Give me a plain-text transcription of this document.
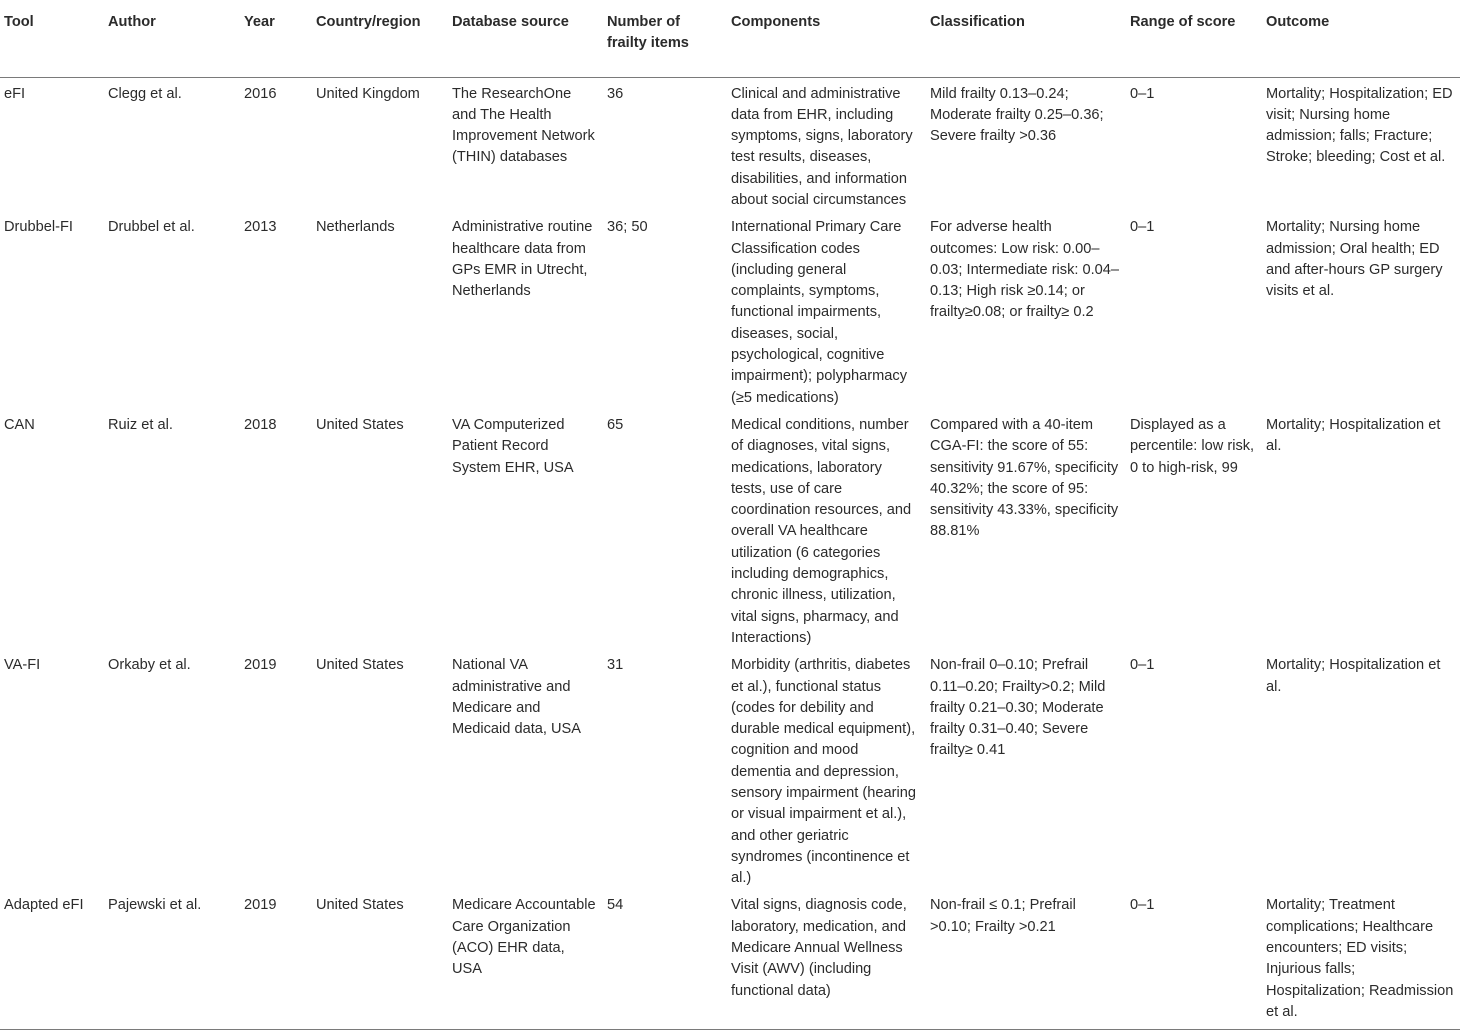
Tool	Author	Year	Country/region	Database source	Number of frailty items	Components	Classification	Range of score	Outcome
eFI	Clegg et al.	2016	United Kingdom	The ResearchOne and The Health Improvement Network (THIN) databases	36	Clinical and administrative data from EHR, including symptoms, signs, laboratory test results, diseases, disabilities, and information about social circumstances	Mild frailty 0.13–0.24; Moderate frailty 0.25–0.36; Severe frailty >0.36	0–1	Mortality; Hospitalization; ED visit; Nursing home admission; falls; Fracture; Stroke; bleeding; Cost et al.
Drubbel-FI	Drubbel et al.	2013	Netherlands	Administrative routine healthcare data from GPs EMR in Utrecht, Netherlands	36; 50	International Primary Care Classification codes (including general complaints, symptoms, functional impairments, diseases, social, psychological, cognitive impairment); polypharmacy (≥5 medications)	For adverse health outcomes: Low risk: 0.00–0.03; Intermediate risk: 0.04–0.13; High risk ≥0.14; or frailty≥0.08; or frailty≥ 0.2	0–1	Mortality; Nursing home admission; Oral health; ED and after-hours GP surgery visits et al.
CAN	Ruiz et al.	2018	United States	VA Computerized Patient Record System EHR, USA	65	Medical conditions, number of diagnoses, vital signs, medications, laboratory tests, use of care coordination resources, and overall VA healthcare utilization (6 categories including demographics, chronic illness, utilization, vital signs, pharmacy, and Interactions)	Compared with a 40-item CGA-FI: the score of 55: sensitivity 91.67%, specificity 40.32%; the score of 95: sensitivity 43.33%, specificity 88.81%	Displayed as a percentile: low risk, 0 to high-risk, 99	Mortality; Hospitalization et al.
VA-FI	Orkaby et al.	2019	United States	National VA administrative and Medicare and Medicaid data, USA	31	Morbidity (arthritis, diabetes et al.), functional status (codes for debility and durable medical equipment), cognition and mood dementia and depression, sensory impairment (hearing or visual impairment et al.), and other geriatric syndromes (incontinence et al.)	Non-frail 0–0.10; Prefrail 0.11–0.20; Frailty>0.2; Mild frailty 0.21–0.30; Moderate frailty 0.31–0.40; Severe frailty≥ 0.41	0–1	Mortality; Hospitalization et al.
Adapted eFI	Pajewski et al.	2019	United States	Medicare Accountable Care Organization (ACO) EHR data, USA	54	Vital signs, diagnosis code, laboratory, medication, and Medicare Annual Wellness Visit (AWV) (including functional data)	Non-frail ≤ 0.1; Prefrail >0.10; Frailty >0.21	0–1	Mortality; Treatment complications; Healthcare encounters; ED visits; Injurious falls; Hospitalization; Readmission et al.
